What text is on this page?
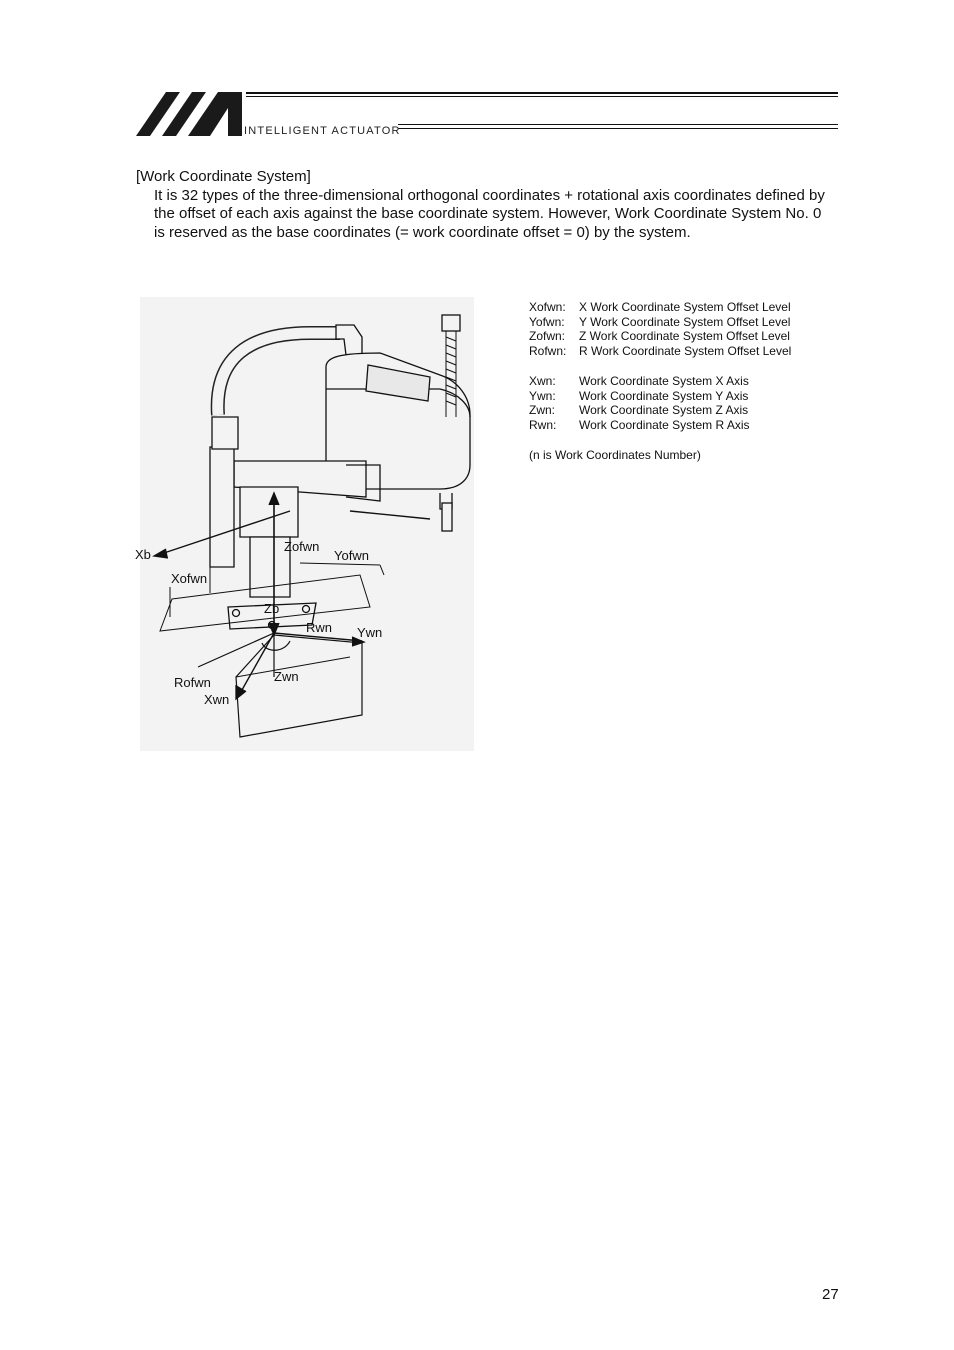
INTELLIGENT ACTUATOR
[Work Coordinate System]
It is 32 types of the three-dimensional orthogonal coordinates + rotational axis coordinates defined by the offset of each axis against the base coordinate system. However, Work Coordinate System No. 0 is reserved as the base coordinates (= work coordinate offset = 0) by the system.
Xb
Zofwn
Yofwn
Xofwn
Zb
Rwn Ywn
Zwn
Rofwn
Xwn
Xofwn:	X Work Coordinate System Offset Level
Yofwn:	Y Work Coordinate System Offset Level
Zofwn:	Z Work Coordinate System Offset Level
Rofwn:	R Work Coordinate System Offset Level
Xwn:	Work Coordinate System X Axis
Ywn:	Work Coordinate System Y Axis
Zwn:	Work Coordinate System Z Axis
Rwn:	Work Coordinate System R Axis
(n is Work Coordinates Number)
27
